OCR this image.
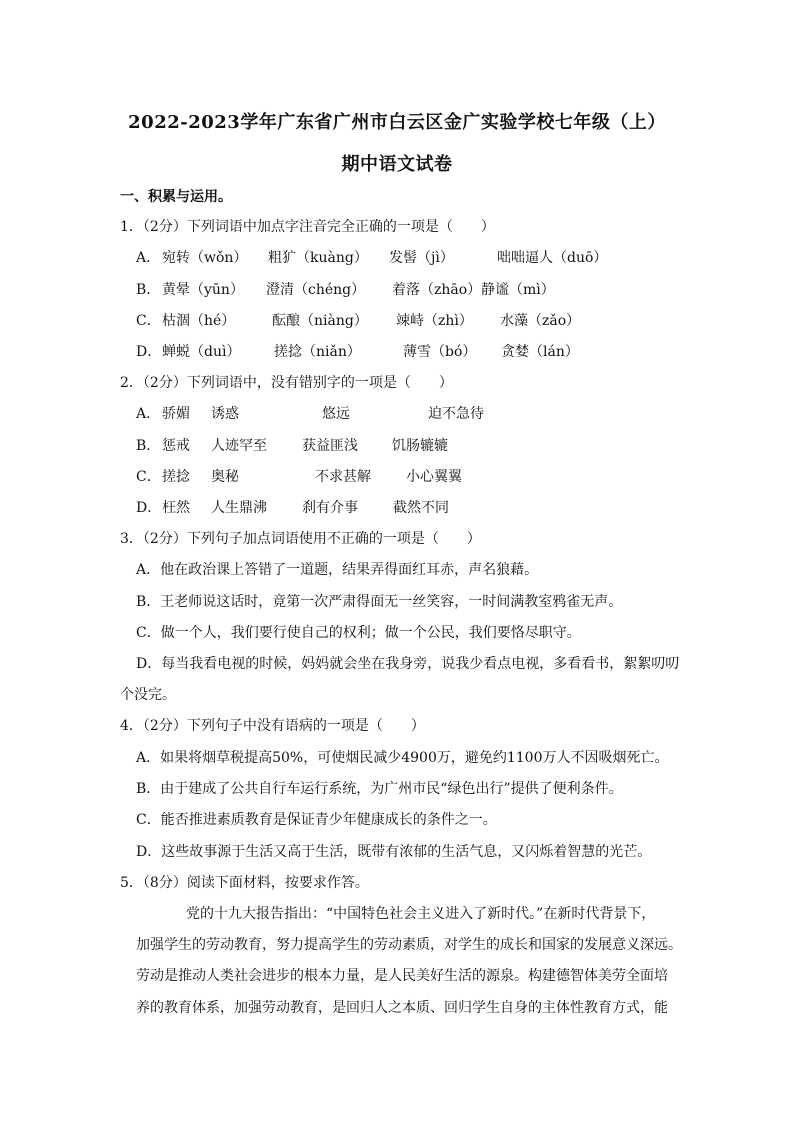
2022-2023学年广东省广州市白云区金广实验学校七年级（上）
期中语文试卷
一、积累与运用。
1．（2分）下列词语中加点字注音完全正确的一项是（　　）
A． 宛转（wǒn） 粗犷（kuàng） 发髻（jì）	咄咄逼人（duō）
B． 黄晕（yūn） 澄清（chéng） 着落（zhāo） 静谧（mì）
C． 枯涸（hé）	酝酿（niàng） 竦峙（zhì） 水藻（zǎo）
D． 蝉蜕（duì） 搓捻（niǎn）	薄雪（bó） 贪婪（lán）
2．（2分）下列词语中，没有错别字的一项是（　　）
A． 骄媚 诱惑	悠远	迫不急待
B． 惩戒 人迹罕至	获益匪浅 饥肠辘辘
C． 搓捻 奥秘	不求甚解	小心翼翼
D． 枉然 人生鼎沸	刹有介事	截然不同
3．（2分）下列句子加点词语使用不正确的一项是（　　）
A．他在政治课上答错了一道题，结果弄得面红耳赤，声名狼藉。
B．王老师说这话时，竟第一次严肃得面无一丝笑容，一时间满教室鸦雀无声。
C．做一个人，我们要行使自己的权利；做一个公民，我们要恪尽职守。
D．每当我看电视的时候，妈妈就会坐在我身旁，说我少看点电视，多看看书，絮絮叨叨
个没完。
4．（2分）下列句子中没有语病的一项是（　　）
A．如果将烟草税提高50%，可使烟民减少4900万，避免约1100万人不因吸烟死亡。
B．由于建成了公共自行车运行系统，为广州市民“绿色出行”提供了便利条件。
C．能否推进素质教育是保证青少年健康成长的条件之一。
D．这些故事源于生活又高于生活，既带有浓郁的生活气息，又闪烁着智慧的光芒。
5．（8分）阅读下面材料，按要求作答。
党的十九大报告指出：“中国特色社会主义进入了新时代。”在新时代背景下，
加强学生的劳动教育，努力提高学生的劳动素质，对学生的成长和国家的发展意义深远。
劳动是推动人类社会进步的根本力量，是人民美好生活的源泉。构建德智体美劳全面培
养的教育体系，加强劳动教育，是回归人之本质、回归学生自身的主体性教育方式，能
